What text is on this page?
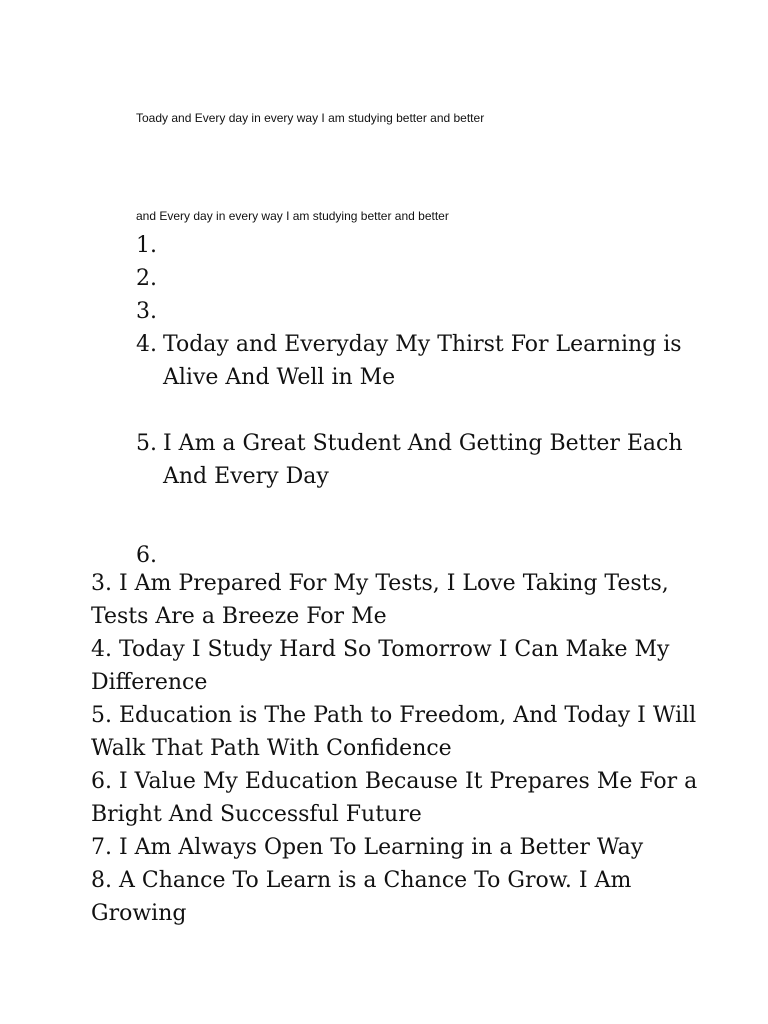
Toady and Every day in every way I am studying better and better
and Every day in every way I am studying better and better
1.

2.

3.

4. Today and Everyday My Thirst For Learning is Alive And Well in Me
5. I Am a Great Student And Getting Better Each And Every Day
6.

3. I Am Prepared For My Tests, I Love Taking Tests, Tests Are a Breeze For Me

4. Today I Study Hard So Tomorrow I Can Make My Difference

5. Education is The Path to Freedom, And Today I Will Walk That Path With Confidence

6. I Value My Education Because It Prepares Me For a Bright And Successful Future

7. I Am Always Open To Learning in a Better Way

8. A Chance To Learn is a Chance To Grow. I Am Growing
